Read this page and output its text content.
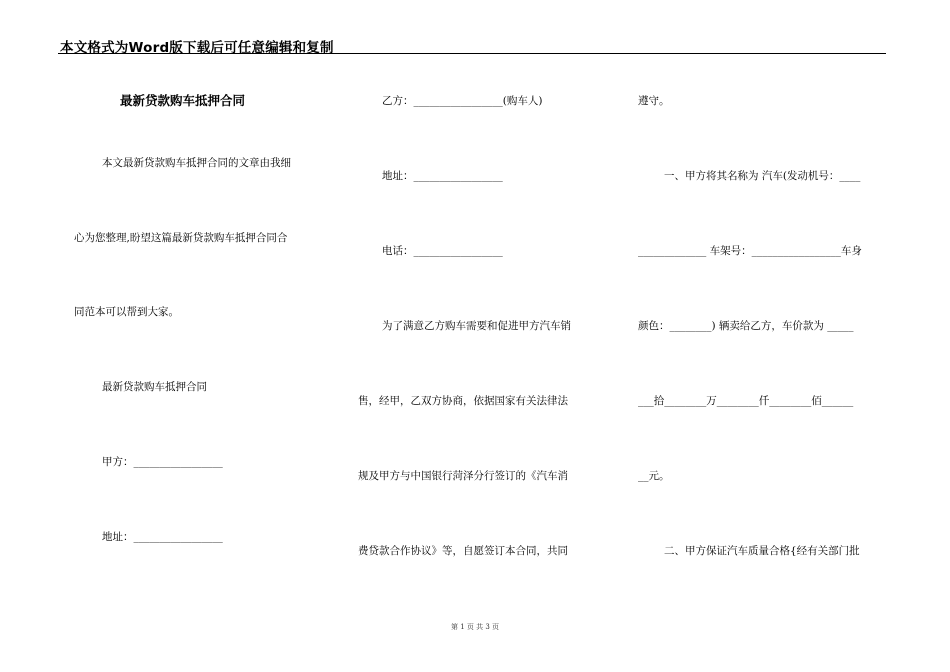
本文格式为Word版下载后可任意编辑和复制
最新贷款购车抵押合同
本文最新贷款购车抵押合同的文章由我细
心为您整理,盼望这篇最新贷款购车抵押合同合
同范本可以帮到大家。
最新贷款购车抵押合同
甲方：_________________
地址：_________________
乙方：_________________(购车人)
地址：_________________
电话：_________________
为了满意乙方购车需要和促进甲方汽车销
售，经甲，乙双方协商，依据国家有关法律法
规及甲方与中国银行菏泽分行签订的《汽车消
费贷款合作协议》等，自愿签订本合同，共同
遵守。
一、甲方将其名称为 汽车(发动机号：____
_____________ 车架号：_________________车身
颜色：________) 辆卖给乙方，车价款为 _____
___拾________万________仟________佰______
__元。
二、甲方保证汽车质量合格{经有关部门批
第 1 页 共 3 页
